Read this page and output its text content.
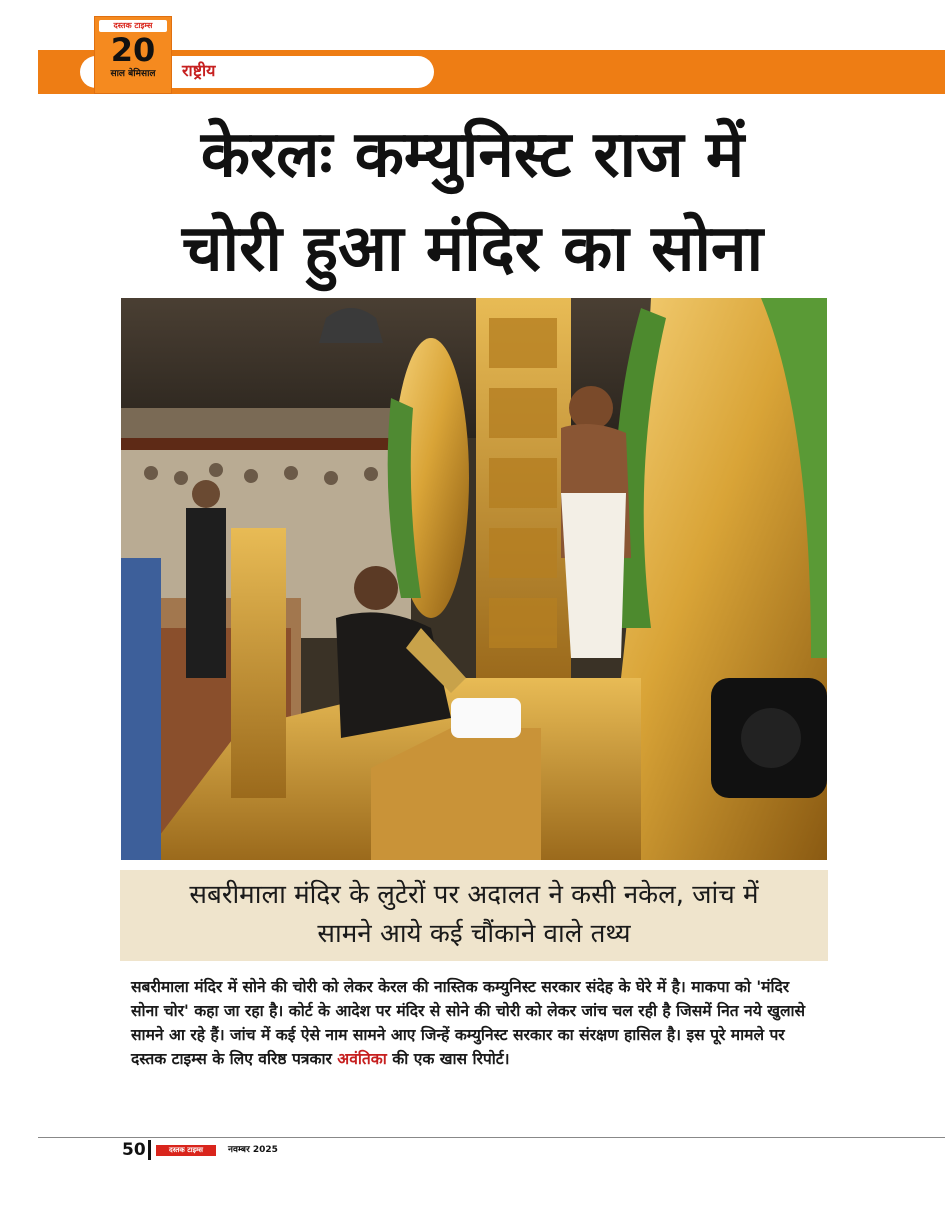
राष्ट्रीय
दस्तक टाइम्स
20
साल बेमिसाल
केरलः कम्युनिस्ट राज में
चोरी हुआ मंदिर का सोना
सबरीमाला मंदिर के लुटेरों पर अदालत ने कसी नकेल, जांच में
सामने आये कई चौंकाने वाले तथ्य

सबरीमाला मंदिर में सोने की चोरी को लेकर केरल की नास्तिक कम्युनिस्ट सरकार संदेह के घेरे में है। माकपा को 'मंदिर सोना चोर' कहा जा रहा है। कोर्ट के आदेश पर मंदिर से सोने की चोरी को लेकर जांच चल रही है जिसमें नित नये खुलासे सामने आ रहे हैं। जांच में कई ऐसे नाम सामने आए जिन्हें कम्युनिस्ट सरकार का संरक्षण हासिल है। इस पूरे मामले पर दस्तक टाइम्स के लिए वरिष्ठ पत्रकार अवंतिका की एक खास रिपोर्ट।

50	दस्तक टाइम्स	नवम्बर 2025
